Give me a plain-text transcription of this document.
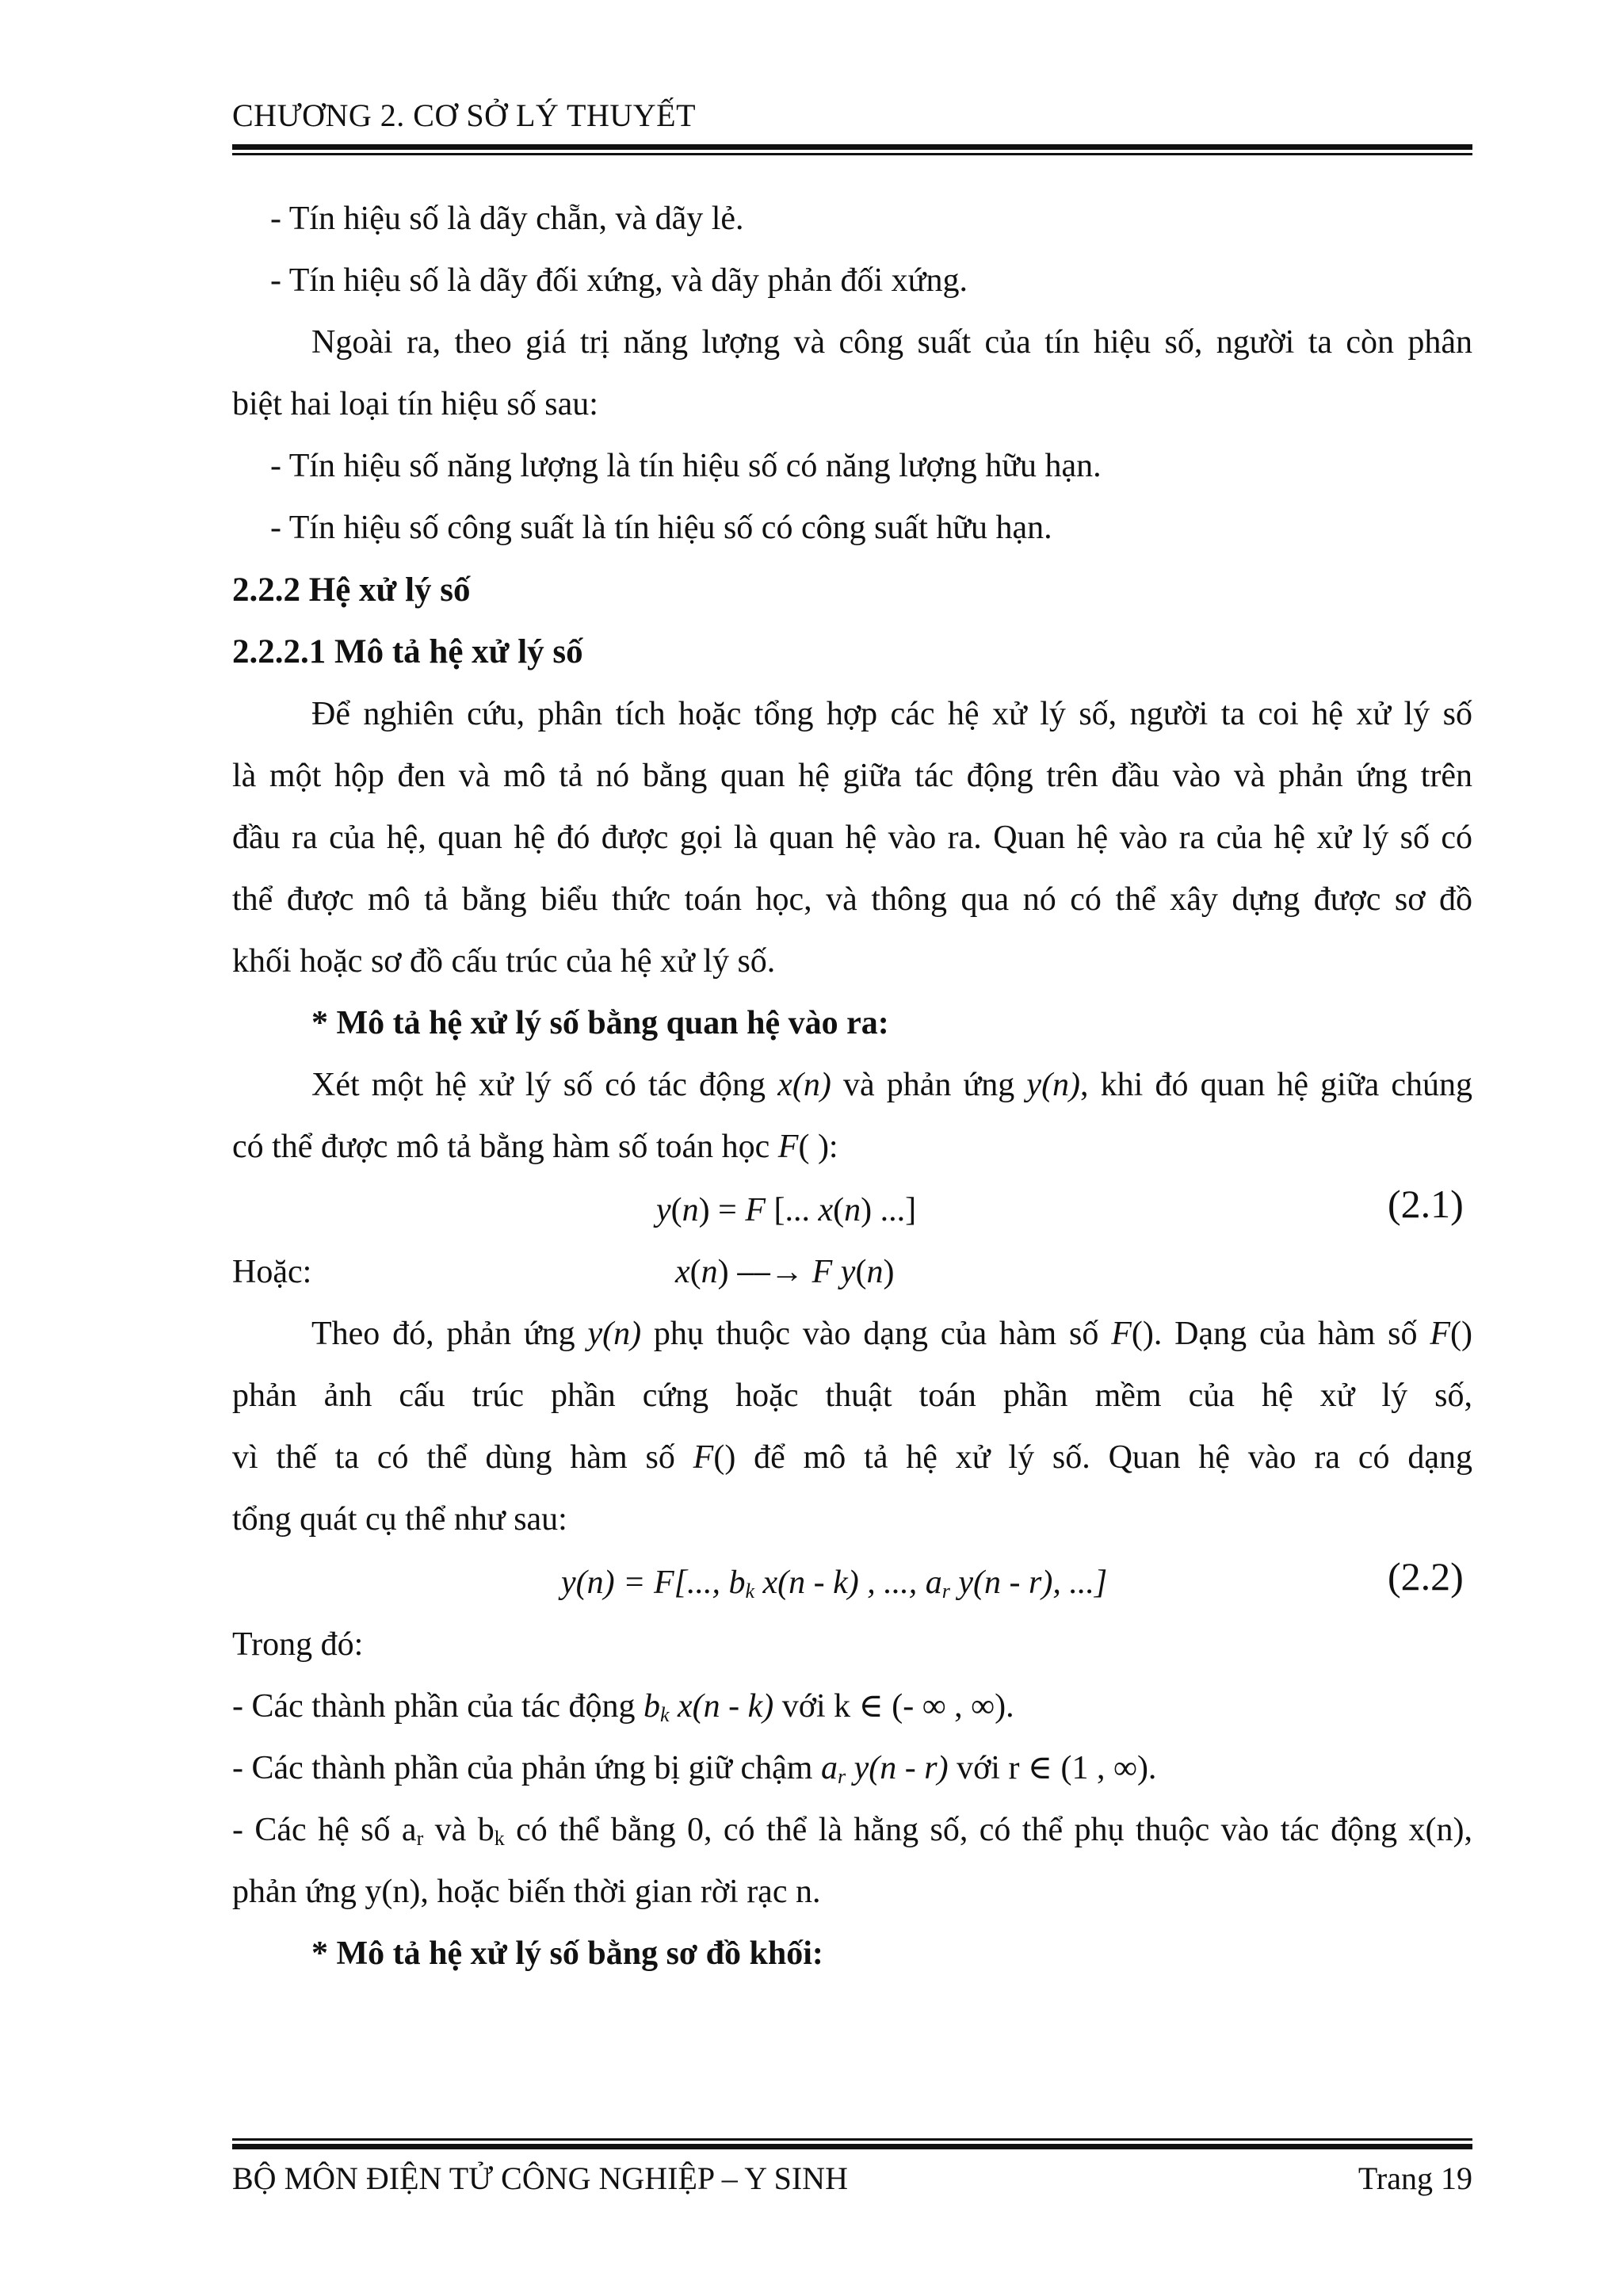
CHƯƠNG 2. CƠ SỞ LÝ THUYẾT
- Tín hiệu số là dãy chẵn, và dãy lẻ.
- Tín hiệu số là dãy đối xứng, và dãy phản đối xứng.
Ngoài ra, theo giá trị năng lượng và công suất của tín hiệu số, người ta còn phân
biệt hai loại tín hiệu số sau:
- Tín hiệu số năng lượng là tín hiệu số có năng lượng hữu hạn.
- Tín hiệu số công suất là tín hiệu số có công suất hữu hạn.
2.2.2 Hệ xử lý số
2.2.2.1 Mô tả hệ xử lý số
Để nghiên cứu, phân tích hoặc tổng hợp các hệ xử lý số, người ta coi hệ xử lý số
là một hộp đen và mô tả nó bằng quan hệ giữa tác động trên đầu vào và phản ứng trên
đầu ra của hệ, quan hệ đó được gọi là quan hệ vào ra. Quan hệ vào ra của hệ xử lý số có
thể được mô tả bằng biểu thức toán học, và thông qua nó có thể xây dựng được sơ đồ
khối hoặc sơ đồ cấu trúc của hệ xử lý số.
* Mô tả hệ xử lý số bằng quan hệ vào ra:
Xét một hệ xử lý số có tác động x(n) và phản ứng y(n), khi đó quan hệ giữa chúng
có thể được mô tả bằng hàm số toán học F( ):
y(n) = F [... x(n) ...]	(2.1)
Hoặc:	x(n) ⎯⎯→ F y(n)
Theo đó, phản ứng y(n) phụ thuộc vào dạng của hàm số F(). Dạng của hàm số F()
phản ảnh cấu trúc phần cứng hoặc thuật toán phần mềm của hệ xử lý số,
vì thế ta có thể dùng hàm số F() để mô tả hệ xử lý số. Quan hệ vào ra có dạng
tổng quát cụ thể như sau:
y(n) = F[..., $b_k$ x(n - k) , ..., $a_r$ y(n - r), ...]	(2.2)
Trong đó:
- Các thành phần của tác động $b_k$ x(n - k) với k ∈ (- ∞ , ∞).
- Các thành phần của phản ứng bị giữ chậm $a_r$ y(n - r) với r ∈ (1 , ∞).
- Các hệ số $a_r$ và $b_k$ có thể bằng 0, có thể là hằng số, có thể phụ thuộc vào tác động x(n),
phản ứng y(n), hoặc biến thời gian rời rạc n.
* Mô tả hệ xử lý số bằng sơ đồ khối:
BỘ MÔN ĐIỆN TỬ CÔNG NGHIỆP – Y SINH	Trang 19
